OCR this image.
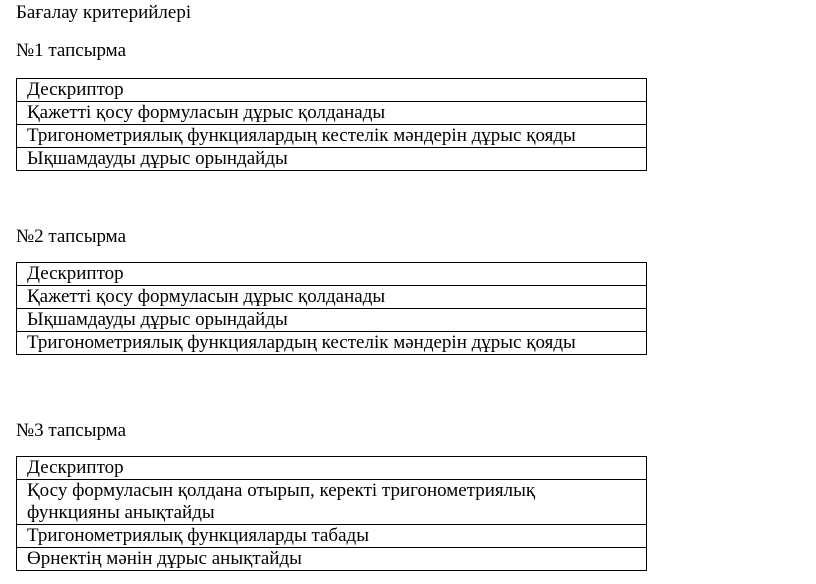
Бағалау критерийлері

№1 тапсырма

Дескриптор
Қажетті қосу формуласын дұрыс қолданады
Тригонометриялық функциялардың кестелік мәндерін дұрыс қояды
Ықшамдауды дұрыс орындайды

№2 тапсырма

Дескриптор
Қажетті қосу формуласын дұрыс қолданады
Ықшамдауды дұрыс орындайды
Тригонометриялық функциялардың кестелік мәндерін дұрыс қояды

№3 тапсырма

Дескриптор
Қосу формуласын қолдана отырып, керекті тригонометриялық функцияны анықтайды
Тригонометриялық функцияларды табады
Өрнектің мәнін дұрыс анықтайды
